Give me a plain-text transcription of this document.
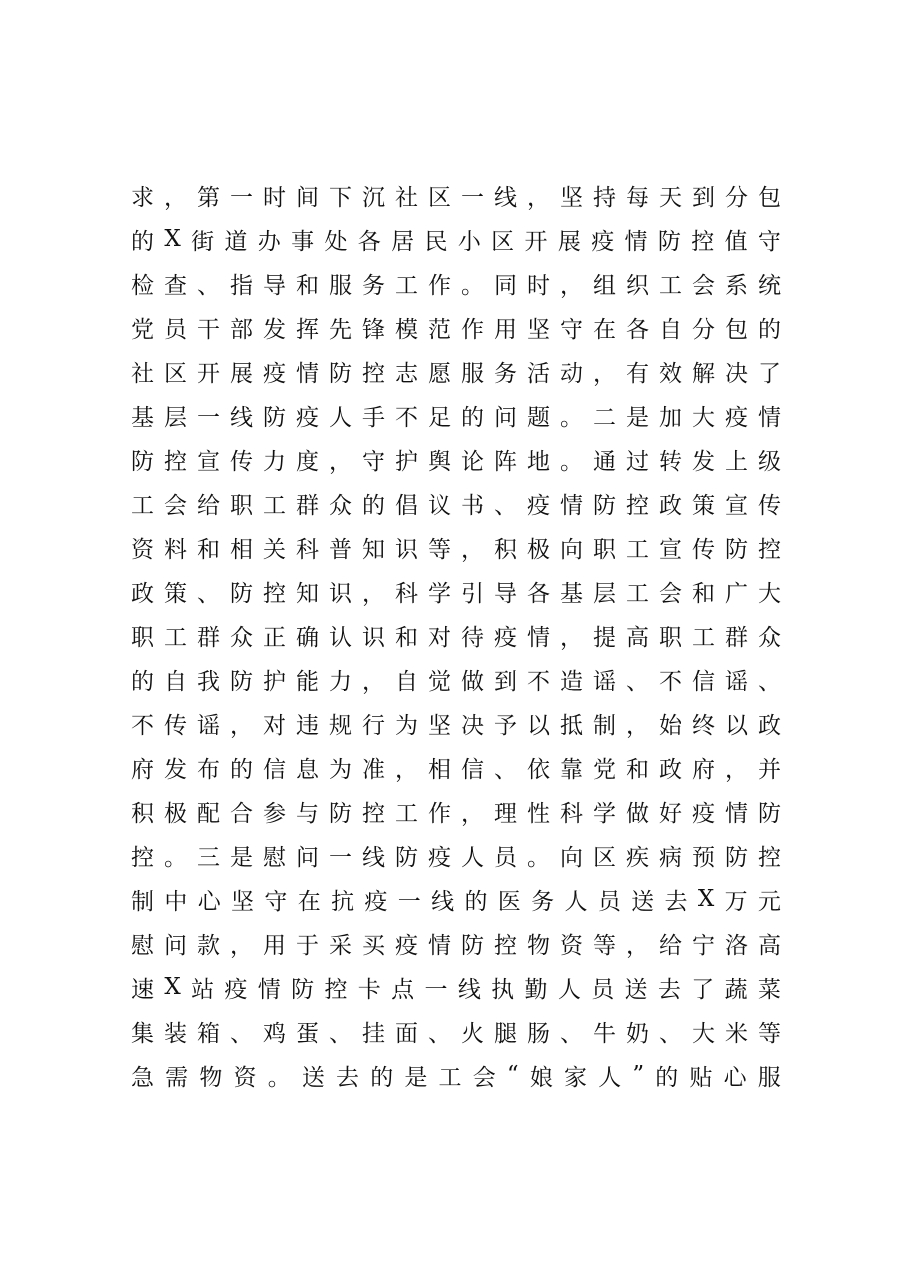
求 ， 第 一 时 间 下 沉 社 区 一 线 ， 坚 持 每 天 到 分 包
的 X 街 道 办 事 处 各 居 民 小 区 开 展 疫 情 防 控 值 守
检 查 、 指 导 和 服 务 工 作 。 同 时 ， 组 织 工 会 系 统
党 员 干 部 发 挥 先 锋 模 范 作 用 坚 守 在 各 自 分 包 的
社 区 开 展 疫 情 防 控 志 愿 服 务 活 动 ， 有 效 解 决 了
基 层 一 线 防 疫 人 手 不 足 的 问 题 。 二 是 加 大 疫 情
防 控 宣 传 力 度 ， 守 护 舆 论 阵 地 。 通 过 转 发 上 级
工 会 给 职 工 群 众 的 倡 议 书 、 疫 情 防 控 政 策 宣 传
资 料 和 相 关 科 普 知 识 等 ， 积 极 向 职 工 宣 传 防 控
政 策 、 防 控 知 识 ， 科 学 引 导 各 基 层 工 会 和 广 大
职 工 群 众 正 确 认 识 和 对 待 疫 情 ， 提 高 职 工 群 众
的 自 我 防 护 能 力 ， 自 觉 做 到 不 造 谣 、 不 信 谣 、
不 传 谣 ， 对 违 规 行 为 坚 决 予 以 抵 制 ， 始 终 以 政
府 发 布 的 信 息 为 准 ， 相 信 、 依 靠 党 和 政 府 ， 并
积 极 配 合 参 与 防 控 工 作 ， 理 性 科 学 做 好 疫 情 防
控 。 三 是 慰 问 一 线 防 疫 人 员 。 向 区 疾 病 预 防 控
制 中 心 坚 守 在 抗 疫 一 线 的 医 务 人 员 送 去 X 万 元
慰 问 款 ， 用 于 采 买 疫 情 防 控 物 资 等 ， 给 宁 洛 高
速 X 站 疫 情 防 控 卡 点 一 线 执 勤 人 员 送 去 了 蔬 菜
集 装 箱 、 鸡 蛋 、 挂 面 、 火 腿 肠 、 牛 奶 、 大 米 等
急 需 物 资 。 送 去 的 是 工 会 “ 娘 家 人 ” 的 贴 心 服
